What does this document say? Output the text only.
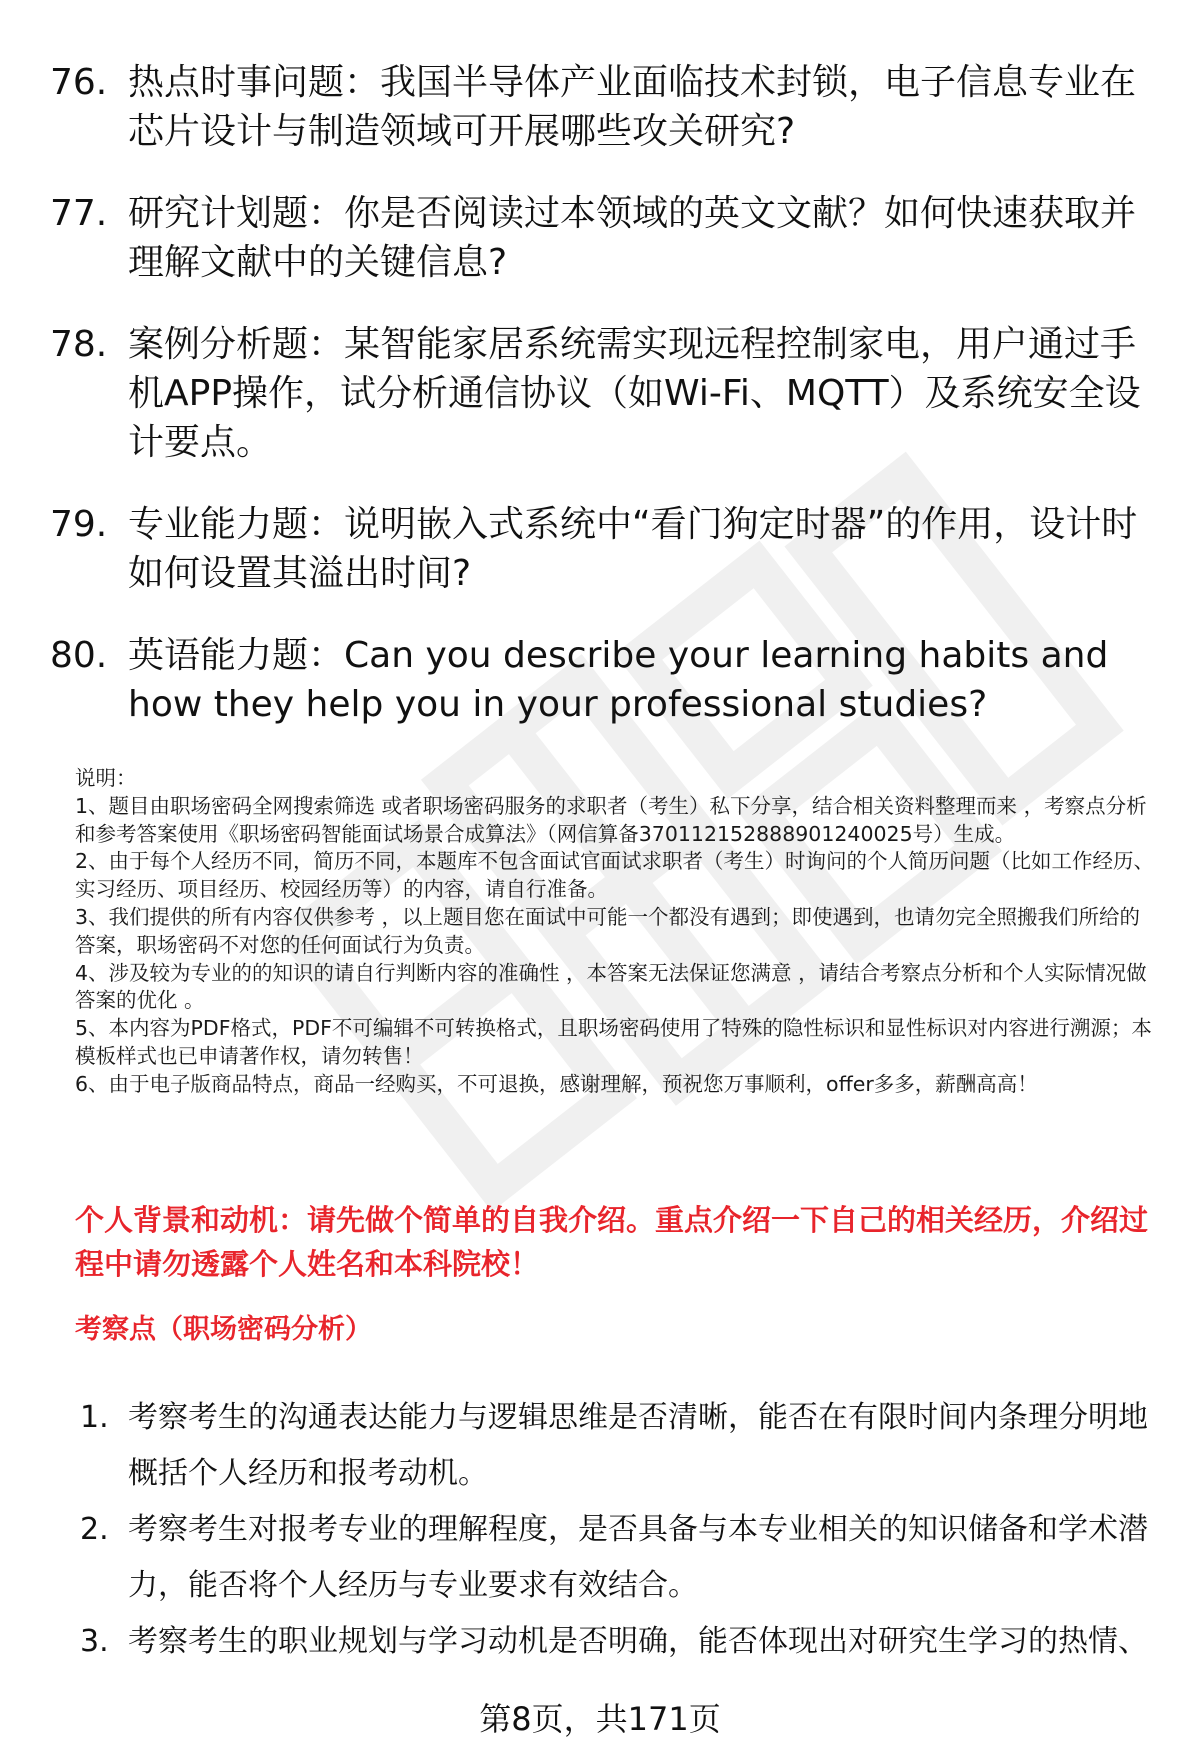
76. 热点时事问题：我国半导体产业面临技术封锁，电子信息专业在芯片设计与制造领域可开展哪些攻关研究?
77. 研究计划题：你是否阅读过本领域的英文文献？如何快速获取并理解文献中的关键信息?
78. 案例分析题：某智能家居系统需实现远程控制家电，用户通过手机APP操作，试分析通信协议（如Wi-Fi、MQTT）及系统安全设计要点。
79. 专业能力题：说明嵌入式系统中“看门狗定时器”的作用，设计时如何设置其溢出时间?
80. 英语能力题：Can you describe your learning habits and how they help you in your professional studies?

说明：

1、题目由职场密码全网搜索筛选 或者职场密码服务的求职者（考生）私下分享，结合相关资料整理而来 ，考察点分析和参考答案使用《职场密码智能面试场景合成算法》（网信算备370112152888901240025号）生成。

2、由于每个人经历不同，简历不同，本题库不包含面试官面试求职者（考生）时询问的个人简历问题（比如工作经历、实习经历、项目经历、校园经历等）的内容，请自行准备。

3、我们提供的所有内容仅供参考 ，以上题目您在面试中可能一个都没有遇到；即使遇到，也请勿完全照搬我们所给的答案，职场密码不对您的任何面试行为负责。

4、涉及较为专业的的知识的请自行判断内容的准确性 ，本答案无法保证您满意 ，请结合考察点分析和个人实际情况做答案的优化 。

5、本内容为PDF格式，PDF不可编辑不可转换格式，且职场密码使用了特殊的隐性标识和显性标识对内容进行溯源；本模板样式也已申请著作权，请勿转售！

6、由于电子版商品特点，商品一经购买，不可退换，感谢理解，预祝您万事顺利，offer多多，薪酬高高！

个人背景和动机：请先做个简单的自我介绍。重点介绍一下自己的相关经历，介绍过程中请勿透露个人姓名和本科院校！
考察点（职场密码分析）
1. 考察考生的沟通表达能力与逻辑思维是否清晰，能否在有限时间内条理分明地概括个人经历和报考动机。
2. 考察考生对报考专业的理解程度，是否具备与本专业相关的知识储备和学术潜力，能否将个人经历与专业要求有效结合。
3. 考察考生的职业规划与学习动机是否明确，能否体现出对研究生学习的热情、
第8页，共171页
